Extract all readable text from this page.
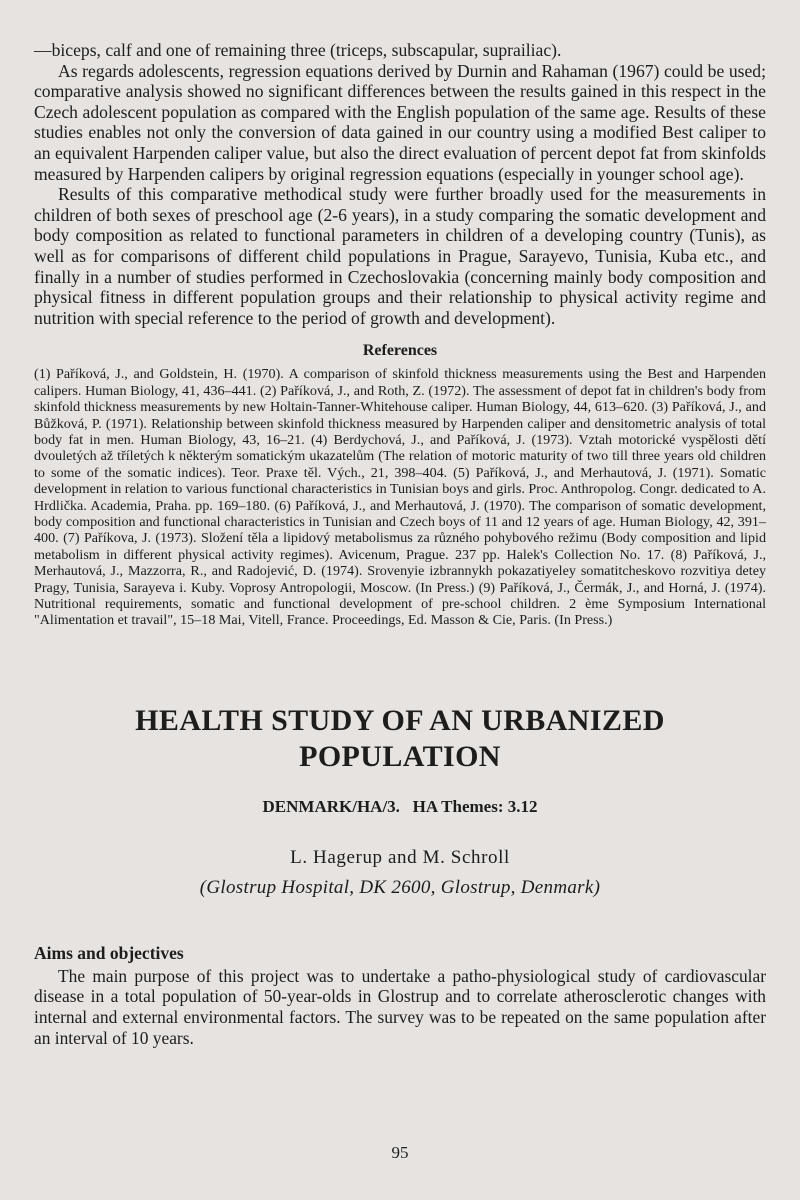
—biceps, calf and one of remaining three (triceps, subscapular, suprailiac).

As regards adolescents, regression equations derived by Durnin and Rahaman (1967) could be used; comparative analysis showed no significant differences between the results gained in this respect in the Czech adolescent population as compared with the English population of the same age. Results of these studies enables not only the conversion of data gained in our country using a modified Best caliper to an equivalent Harpenden caliper value, but also the direct evaluation of percent depot fat from skinfolds measured by Harpenden calipers by original regression equations (especially in younger school age).

Results of this comparative methodical study were further broadly used for the measurements in children of both sexes of preschool age (2-6 years), in a study comparing the somatic development and body composition as related to functional parameters in children of a developing country (Tunis), as well as for comparisons of different child populations in Prague, Sarayevo, Tunisia, Kuba etc., and finally in a number of studies performed in Czechoslovakia (concerning mainly body composition and physical fitness in different population groups and their relationship to physical activity regime and nutrition with special reference to the period of growth and development).

References

(1) Paříková, J., and Goldstein, H. (1970). A comparison of skinfold thickness measurements using the Best and Harpenden calipers. Human Biology, 41, 436–441. (2) Paříková, J., and Roth, Z. (1972). The assessment of depot fat in children's body from skinfold thickness measurements by new Holtain-Tanner-Whitehouse caliper. Human Biology, 44, 613–620. (3) Paříková, J., and Bůžková, P. (1971). Relationship between skinfold thickness measured by Harpenden caliper and densitometric analysis of total body fat in men. Human Biology, 43, 16–21. (4) Berdychová, J., and Paříková, J. (1973). Vztah motorické vyspělosti dětí dvouletých až tříletých k některým somatickým ukazatelům (The relation of motoric maturity of two till three years old children to some of the somatic indices). Teor. Praxe těl. Vých., 21, 398–404. (5) Paříková, J., and Merhautová, J. (1971). Somatic development in relation to various functional characteristics in Tunisian boys and girls. Proc. Anthropolog. Congr. dedicated to A. Hrdlička. Academia, Praha. pp. 169–180. (6) Paříková, J., and Merhautová, J. (1970). The comparison of somatic development, body composition and functional characteristics in Tunisian and Czech boys of 11 and 12 years of age. Human Biology, 42, 391–400. (7) Paříkova, J. (1973). Složení těla a lipidový metabolismus za různého pohybového režimu (Body composition and lipid metabolism in different physical activity regimes). Avicenum, Prague. 237 pp. Halek's Collection No. 17. (8) Paříková, J., Merhautová, J., Mazzorra, R., and Radojević, D. (1974). Srovenyie izbrannykh pokazatiyeley somatitcheskovo rozvitiya detey Pragy, Tunisia, Sarayeva i. Kuby. Voprosy Antropologii, Moscow. (In Press.) (9) Paříková, J., Čermák, J., and Horná, J. (1974). Nutritional requirements, somatic and functional development of pre-school children. 2 ème Symposium International "Alimentation et travail", 15–18 Mai, Vitell, France. Proceedings, Ed. Masson & Cie, Paris. (In Press.)

HEALTH STUDY OF AN URBANIZED
POPULATION
DENMARK/HA/3.   HA Themes: 3.12
L. Hagerup and M. Schroll
(Glostrup Hospital, DK 2600, Glostrup, Denmark)
Aims and objectives

The main purpose of this project was to undertake a patho-physiological study of cardiovascular disease in a total population of 50-year-olds in Glostrup and to correlate atherosclerotic changes with internal and external environmental factors. The survey was to be repeated on the same population after an interval of 10 years.

95
